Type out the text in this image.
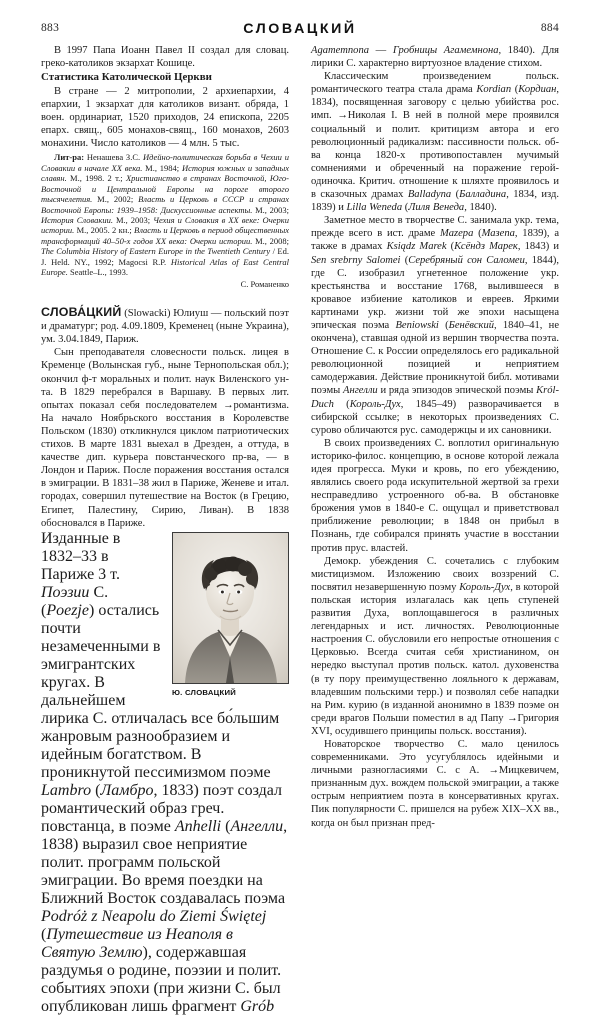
883	СЛОВАЦКИЙ	884

В 1997 Папа Иоанн Павел II создал для словац. греко-католиков экзархат Кошице.

Статистика Католической Церкви

В стране — 2 митрополии, 2 архиепархии, 4 епархии, 1 экзархат для католиков визант. обряда, 1 воен. ординариат, 1520 приходов, 24 епископа, 2205 епарх. свящ., 605 монахов-свящ., 160 монахов, 2603 монахини. Число католиков — 4 млн. 5 тыс.

Лит-ра: Ненашева З.С. Идейно-политическая борьба в Чехии и Словакии в начале XX века. М., 1984; История южных и западных славян. М., 1998. 2 т.; Христианство в странах Восточной, Юго-Восточной и Центральной Европы на пороге второго тысячелетия. М., 2002; Власть и Церковь в СССР и странах Восточной Европы: 1939–1958: Дискуссионные аспекты. М., 2003; История Словакии. М., 2003; Чехия и Словакия в XX веке: Очерки истории. М., 2005. 2 кн.; Власть и Церковь в период общественных трансформаций 40–50-х годов XX века: Очерки истории. М., 2008; The Columbia History of Eastern Europe in the Twentieth Century / Ed. J. Held. NY., 1992; Magocsi R.P. Historical Atlas of East Central Europe. Seattle–L., 1993.

С. Романенко

СЛОВА́ЦКИЙ (Slowacki) Юлиуш — польский поэт и драматург; род. 4.09.1809, Кременец (ныне Украина), ум. 3.04.1849, Париж.

Сын преподавателя словесности польск. лицея в Кременце (Волынская губ., ныне Тернопольская обл.); окончил ф-т моральных и полит. наук Виленского ун-та. В 1829 перебрался в Варшаву. В первых лит. опытах показал себя последователем →романтизма. На начало Ноябрьского восстания в Королевстве Польском (1830) откликнулся циклом патриотических стихов. В марте 1831 выехал в Дрезден, а оттуда, в качестве дип. курьера повстанческого пр-ва, — в Лондон и Париж. После поражения восстания остался в эмиграции. В 1831–38 жил в Париже, Женеве и итал. городах, совершил путешествие на Восток (в Грецию, Египет, Палестину, Сирию, Ливан). В 1838 обосновался в Париже.

Ю. СЛОВАЦКИЙ
Изданные в 1832–33 в Париже 3 т. Поэзии С. (Poezje) остались почти незамеченными в эмигрантских кругах. В дальнейшем лирика С. отличалась все бо́льшим жанровым разнообразием и идейным богатством. В проникнутой пессимизмом поэме Lambro (Ламбро, 1833) поэт создал романтический образ греч. повстанца, в поэме Anhelli (Ангелли, 1838) выразил свое неприятие полит. программ польской эмиграции. Во время поездки на Ближний Восток создавалась поэма Podróż z Neapolu do Ziemi Świętej (Путешествие из Неаполя в Святую Землю), содержавшая раздумья о родине, поэзии и полит. событиях эпохи (при жизни С. был опубликован лишь фрагмент Grób

Agamemnona — Гробницы Агамемнона, 1840). Для лирики С. характерно виртуозное владение стихом.

Классическим произведением польск. романтического театра стала драма Kordian (Кордиан, 1834), посвященная заговору с целью убийства рос. имп. →Николая I. В ней в полной мере проявился социальный и полит. критицизм автора и его революционный радикализм: пассивности польск. об-ва конца 1820-х противопоставлен мучимый сомнениями и обреченный на поражение герой-одиночка. Критич. отношение к шляхте проявилось и в сказочных драмах Balladyna (Баллaдина, 1834, изд. 1839) и Lilla Weneda (Лиля Венеда, 1840).

Заметное место в творчестве С. занимала укр. тема, прежде всего в ист. драме Mazepa (Мазепа, 1839), а также в драмах Ksiądz Marek (Ксёндз Марек, 1843) и Sen srebrny Salomei (Серебряный сон Саломеи, 1844), где С. изобразил угнетенное положение укр. крестьянства и восстание 1768, вылившееся в кровавое избиение католиков и евреев. Яркими картинами укр. жизни той же эпохи насыщена эпическая поэма Beniowski (Бенёвский, 1840–41, не окончена), ставшая одной из вершин творчества поэта. Отношение С. к России определялось его радикальной революционной позицией и неприятием самодержавия. Действие проникнутой библ. мотивами поэмы Ангелли и ряда эпизодов эпической поэмы Król-Duch (Король-Дух, 1845–49) разворачивается в сибирской ссылке; в некоторых произведениях С. сурово обличаются рус. самодержцы и их сановники.

В своих произведениях С. воплотил оригинальную историко-филос. концепцию, в основе которой лежала идея прогресса. Муки и кровь, по его убеждению, являлись своего рода искупительной жертвой за грехи несправедливо устроенного об-ва. В обстановке брожения умов в 1840-е С. ощущал и приветствовал приближение революции; в 1848 он прибыл в Познань, где собирался принять участие в восстании против прус. властей.

Демокр. убеждения С. сочетались с глубоким мистицизмом. Изложению своих воззрений С. посвятил незавершенную поэму Король-Дух, в которой польская история излагалась как цепь ступеней развития Духа, воплощавшегося в различных легендарных и ист. личностях. Революционные настроения С. обусловили его непростые отношения с Церковью. Всегда считая себя христианином, он нередко выступал против польск. катол. духовенства (в ту пору преимущественно лояльного к державам, владевшим польскими терр.) и позволял себе нападки на Рим. курию (в изданной анонимно в 1839 поэме он среди врагов Польши поместил в ад Папу →Григория XVI, осудившего принципы польск. восстания).

Новаторское творчество С. мало ценилось современниками. Это усугублялось идейными и личными разногласиями С. с А. →Мицкевичем, признанным дух. вождем польской эмиграции, а также острым неприятием поэта в консервативных кругах. Пик популярности С. пришелся на рубеж XIX–XX вв., когда он был признан пред-
